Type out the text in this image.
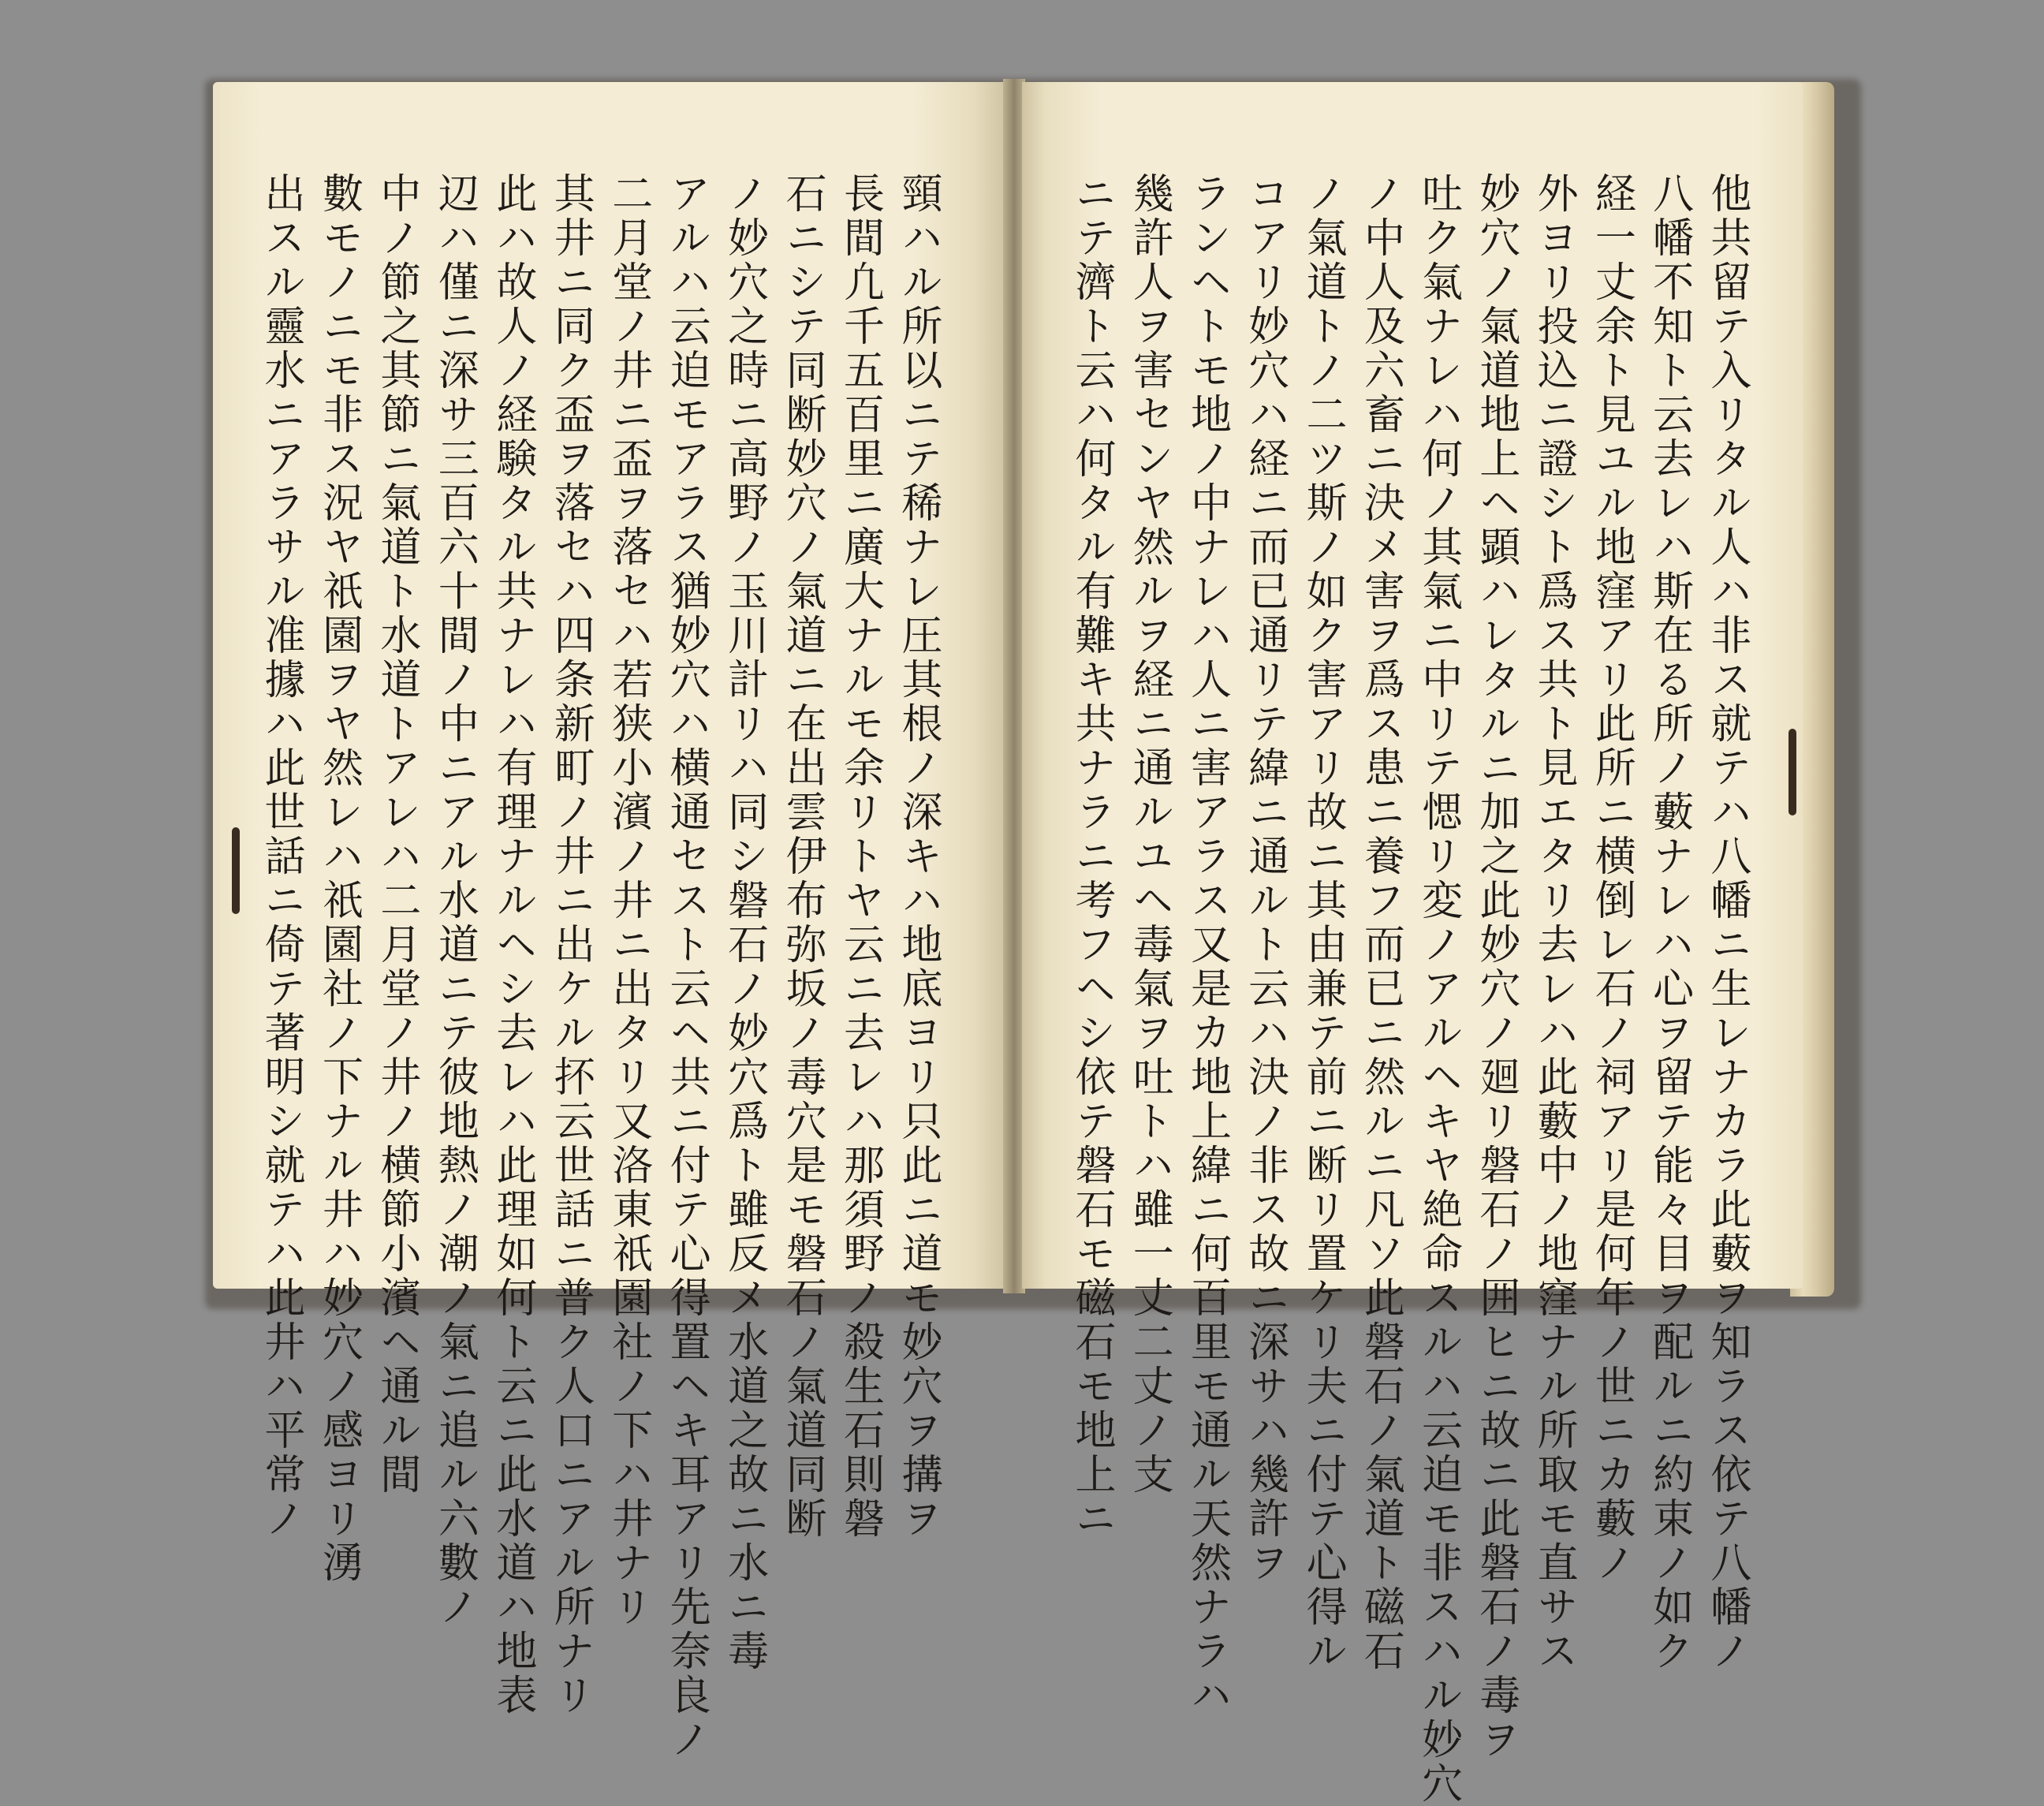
頸ハル所以ニテ稀ナレ圧其根ノ深キハ地底ヨリ只此ニ道モ妙穴ヲ搆ヲ
長間凢千五百里ニ廣大ナルモ余リトヤ云ニ去レハ那須野ノ殺生石則磐
石ニシテ同断妙穴ノ氣道ニ在出雲伊布弥坂ノ毒穴是モ磐石ノ氣道同断
ノ妙穴之時ニ高野ノ玉川計リハ同シ磐石ノ妙穴爲ト雖反メ水道之故ニ水ニ毒
アルハ云迫モアラス猶妙穴ハ横通セスト云ヘ共ニ付テ心得置ヘキ耳アリ先奈良ノ
二月堂ノ井ニ盃ヲ落セハ若狭小濱ノ井ニ出タリ又洛東祇園社ノ下ハ井ナリ
其井ニ同ク盃ヲ落セハ四条新町ノ井ニ出ケル抔云世話ニ普ク人口ニアル所ナリ
此ハ故人ノ経験タル共ナレハ有理ナルヘシ去レハ此理如何ト云ニ此水道ハ地表
辺ハ僅ニ深サ三百六十間ノ中ニアル水道ニテ彼地熱ノ潮ノ氣ニ追ル六數ノ
中ノ節之其節ニ氣道ト水道トアレハ二月堂ノ井ノ横節小濱ヘ通ル間
數モノニモ非ス況ヤ祇園ヲヤ然レハ祇園社ノ下ナル井ハ妙穴ノ感ヨリ湧
出スル靈水ニアラサル准據ハ此世話ニ倚テ著明シ就テハ此井ハ平常ノ	他共留テ入リタル人ハ非ス就テハ八幡ニ生レナカラ此藪ヲ知ラス依テ八幡ノ
八幡不知ト云去レハ斯在る所ノ藪ナレハ心ヲ留テ能々目ヲ配ルニ約束ノ如ク
経一丈余ト見ユル地窪アリ此所ニ横倒レ石ノ祠アリ是何年ノ世ニカ藪ノ
外ヨリ投込ニ證シト爲ス共ト見エタリ去レハ此藪中ノ地窪ナル所取モ直サス
妙穴ノ氣道地上ヘ顕ハレタルニ加之此妙穴ノ廻リ磐石ノ囲ヒニ故ニ此磐石ノ毒ヲ
吐ク氣ナレハ何ノ其氣ニ中リテ愢リ変ノアルヘキヤ絶命スルハ云迫モ非スハル妙穴
ノ中人及六畜ニ決メ害ヲ爲ス患ニ養フ而已ニ然ルニ凡ソ此磐石ノ氣道ト磁石
ノ氣道トノ二ツ斯ノ如ク害アリ故ニ其由兼テ前ニ断リ置ケリ夫ニ付テ心得ル
コアリ妙穴ハ経ニ而已通リテ緯ニ通ルト云ハ決ノ非ス故ニ深サハ幾許ヲ
ランヘトモ地ノ中ナレハ人ニ害アラス又是カ地上緯ニ何百里モ通ル天然ナラハ
幾許人ヲ害センヤ然ルヲ経ニ通ルユヘ毒氣ヲ吐トハ雖一丈二丈ノ支
ニテ濟ト云ハ何タル有難キ共ナラニ考フヘシ依テ磐石モ磁石モ地上ニ
